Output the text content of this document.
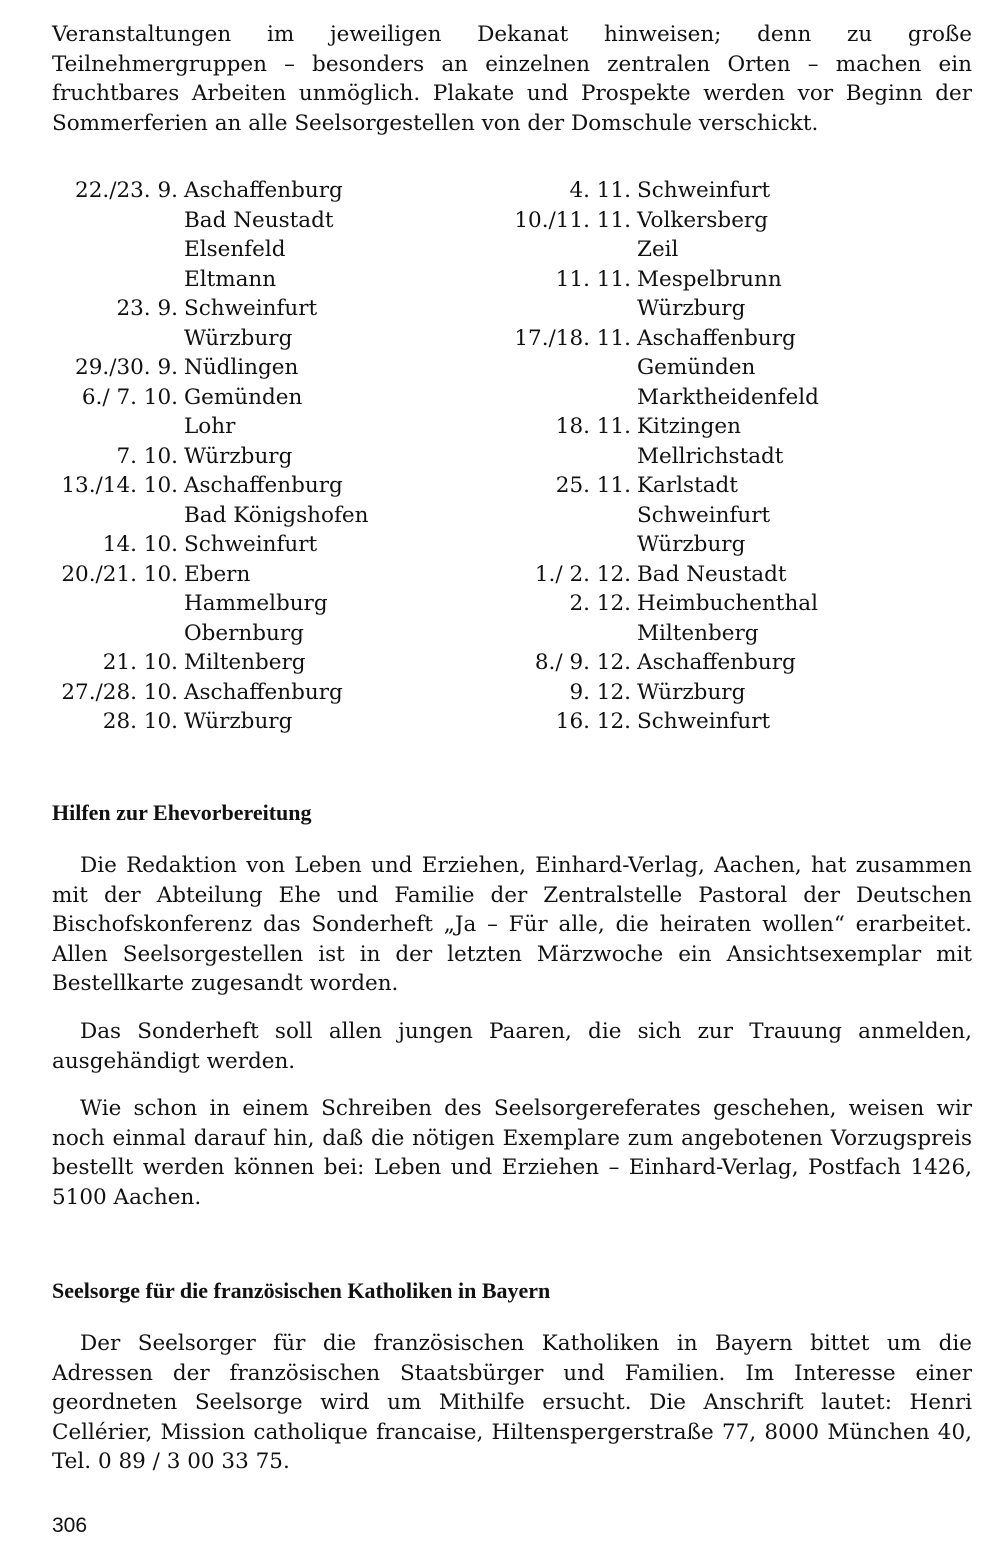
Veranstaltungen im jeweiligen Dekanat hinweisen; denn zu große Teilnehmergruppen – besonders an einzelnen zentralen Orten – machen ein fruchtbares Arbeiten unmöglich. Plakate und Prospekte werden vor Beginn der Sommerferien an alle Seelsorgestellen von der Domschule verschickt.

22./23. 9. Aschaffenburg
Bad Neustadt
Elsenfeld
Eltmann
23. 9. Schweinfurt
Würzburg
29./30. 9. Nüdlingen
6./ 7. 10. Gemünden
Lohr
7. 10. Würzburg
13./14. 10. Aschaffenburg
Bad Königshofen
14. 10. Schweinfurt
20./21. 10. Ebern
Hammelburg
Obernburg
21. 10. Miltenberg
27./28. 10. Aschaffenburg
28. 10. Würzburg
4. 11. Schweinfurt
10./11. 11. Volkersberg
Zeil
11. 11. Mespelbrunn
Würzburg
17./18. 11. Aschaffenburg
Gemünden
Marktheidenfeld
18. 11. Kitzingen
Mellrichstadt
25. 11. Karlstadt
Schweinfurt
Würzburg
1./ 2. 12. Bad Neustadt
2. 12. Heimbuchenthal
Miltenberg
8./ 9. 12. Aschaffenburg
9. 12. Würzburg
16. 12. Schweinfurt
Hilfen zur Ehevorbereitung

Die Redaktion von Leben und Erziehen, Einhard-Verlag, Aachen, hat zusammen mit der Abteilung Ehe und Familie der Zentralstelle Pastoral der Deutschen Bischofskonferenz das Sonderheft „Ja – Für alle, die heiraten wollen“ erarbeitet. Allen Seelsorgestellen ist in der letzten Märzwoche ein Ansichtsexemplar mit Bestellkarte zugesandt worden.

Das Sonderheft soll allen jungen Paaren, die sich zur Trauung anmelden, ausgehändigt werden.

Wie schon in einem Schreiben des Seelsorgereferates geschehen, weisen wir noch einmal darauf hin, daß die nötigen Exemplare zum angebotenen Vorzugspreis bestellt werden können bei: Leben und Erziehen – Einhard-Verlag, Postfach 1426, 5100 Aachen.

Seelsorge für die französischen Katholiken in Bayern

Der Seelsorger für die französischen Katholiken in Bayern bittet um die Adressen der französischen Staatsbürger und Familien. Im Interesse einer geordneten Seelsorge wird um Mithilfe ersucht. Die Anschrift lautet: Henri Cellérier, Mission catholique francaise, Hiltenspergerstraße 77, 8000 München 40, Tel. 0 89 / 3 00 33 75.

306
